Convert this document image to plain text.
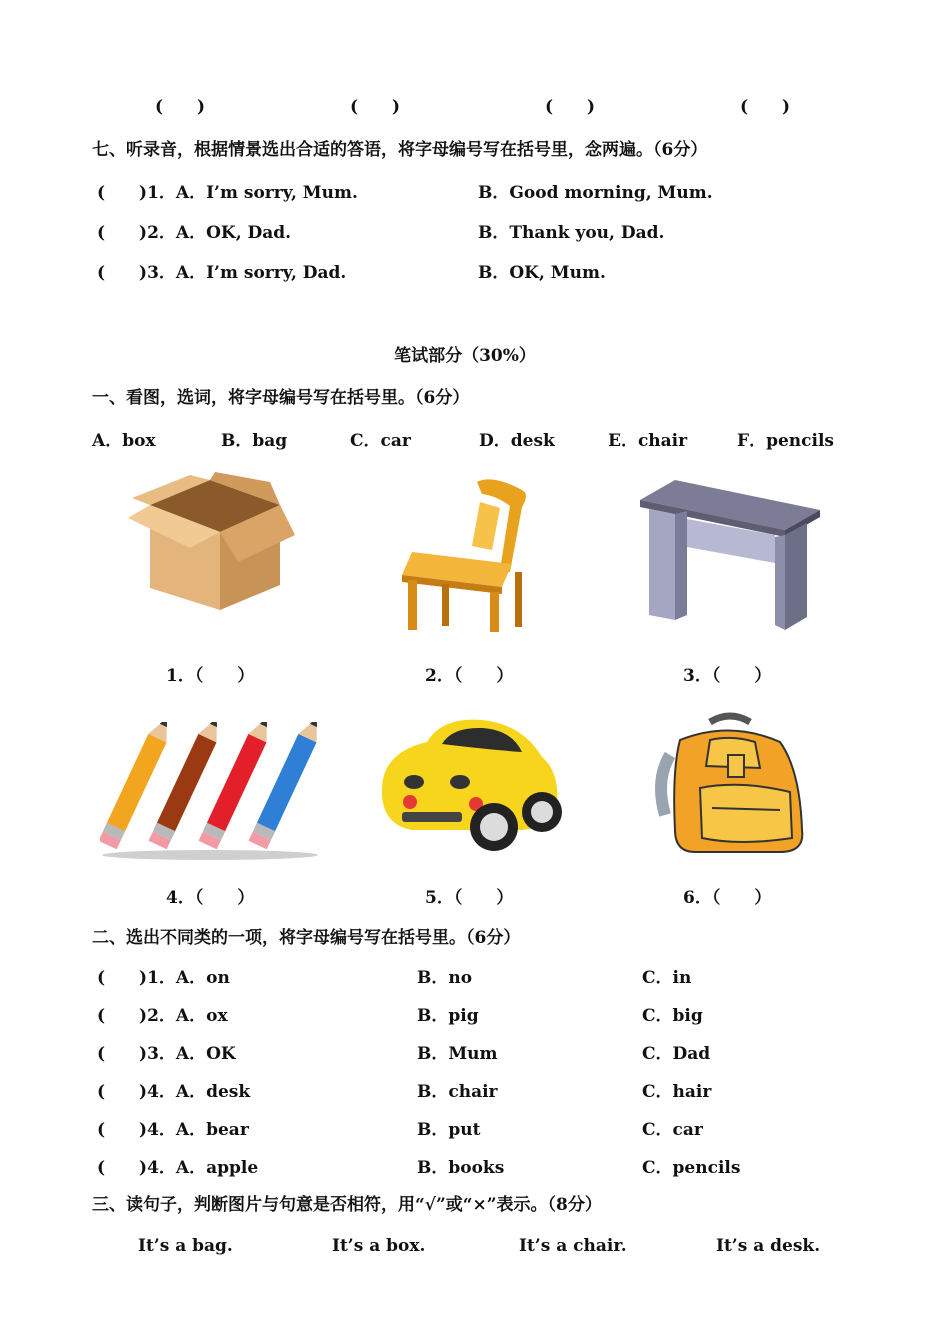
(　　)	(　　)	(　　)	(　　)
七、听录音，根据情景选出合适的答语，将字母编号写在括号里，念两遍。（6分）
(　　)1．A．I’m sorry, Mum.	B．Good morning, Mum.
(　　)2．A．OK, Dad.	B．Thank you, Dad.
(　　)3．A．I’m sorry, Dad.	B．OK, Mum.
笔试部分（30%）
一、看图，选词，将字母编号写在括号里。（6分）
A．box	B．bag	C．car	D．desk	E．chair	F．pencils
1．（　　）	2．（　　）	3．（　　）
4．（　　）	5．（　　）	6．（　　）
二、选出不同类的一项，将字母编号写在括号里。（6分）
(　　)1．A．on	B．no	C．in
(　　)2．A．ox	B．pig	C．big
(　　)3．A．OK	B．Mum	C．Dad
(　　)4．A．desk	B．chair	C．hair
(　　)4．A．bear	B．put	C．car
(　　)4．A．apple	B．books	C．pencils
三、读句子，判断图片与句意是否相符，用“√”或“×”表示。（8分）
It’s a bag.	It’s a box.	It’s a chair.	It’s a desk.
